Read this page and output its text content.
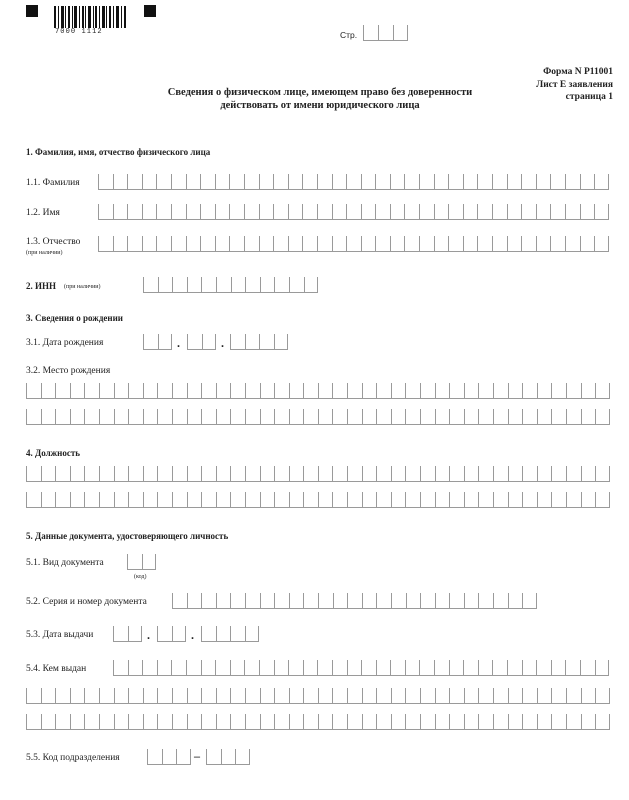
7000 1112	Стр.
Форма N Р11001
Лист Е заявления
страница 1
Сведения о физическом лице, имеющем право без доверенности
действовать от имени юридического лица
1. Фамилия, имя, отчество физического лица
1.1. Фамилия
1.2. Имя
1.3. Отчество
(при наличии)
2. ИНН (при наличии)
3. Сведения о рождении
3.1. Дата рождения	.	.
3.2. Место рождения
4. Должность
5. Данные документа, удостоверяющего личность
5.1. Вид документа
(код)
5.2. Серия и номер документа
5.3. Дата выдачи	.	.
5.4. Кем выдан
5.5. Код подразделения	–
